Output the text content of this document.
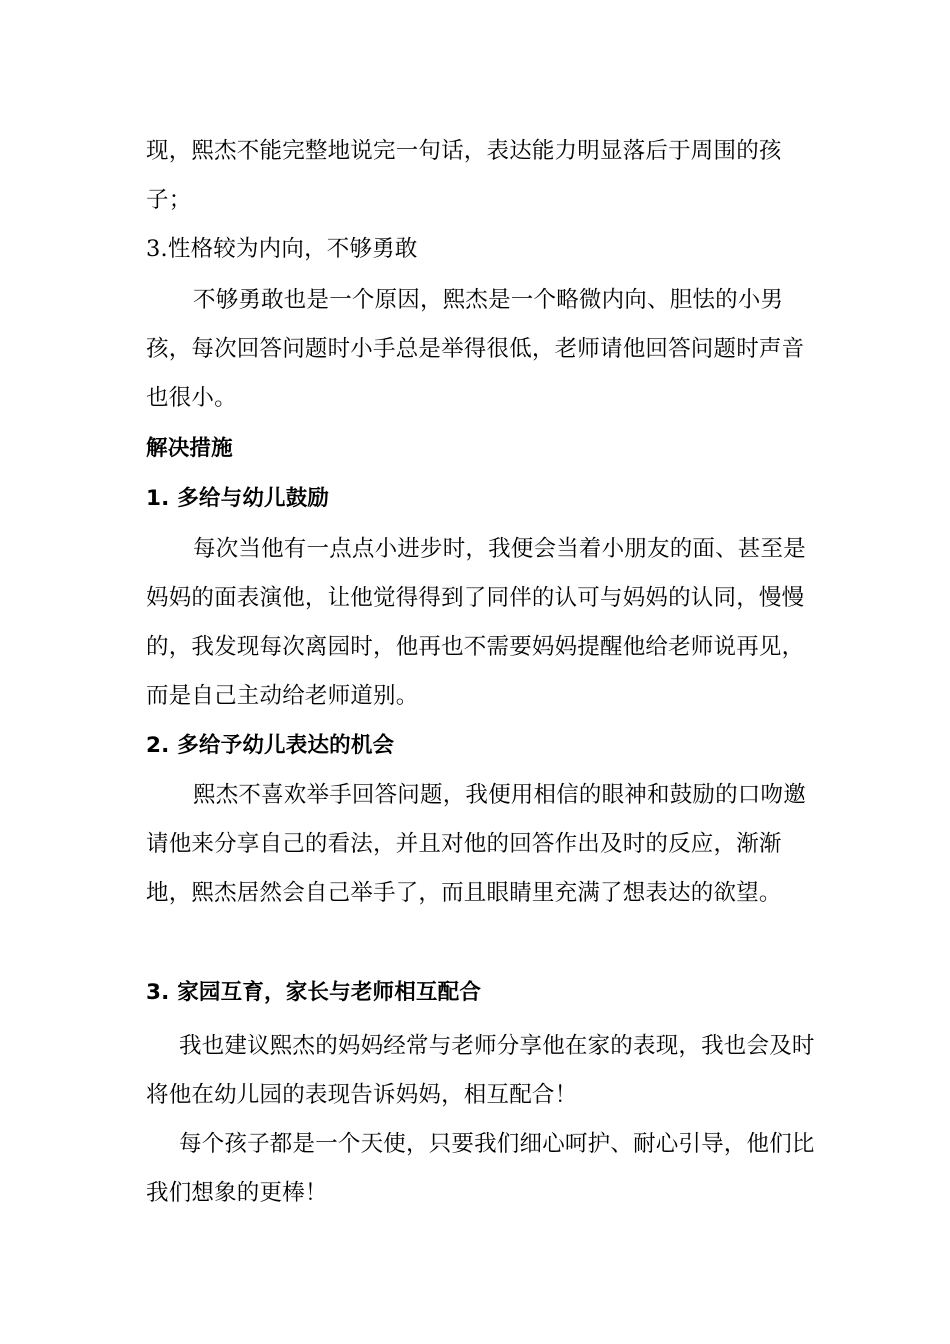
现，熙杰不能完整地说完一句话，表达能力明显落后于周围的孩子；

3.性格较为内向，不够勇敢

不够勇敢也是一个原因，熙杰是一个略微内向、胆怯的小男孩，每次回答问题时小手总是举得很低，老师请他回答问题时声音也很小。

解决措施

1. 多给与幼儿鼓励

每次当他有一点点小进步时，我便会当着小朋友的面、甚至是妈妈的面表演他，让他觉得得到了同伴的认可与妈妈的认同，慢慢的，我发现每次离园时，他再也不需要妈妈提醒他给老师说再见，而是自己主动给老师道别。

2. 多给予幼儿表达的机会

熙杰不喜欢举手回答问题，我便用相信的眼神和鼓励的口吻邀请他来分享自己的看法，并且对他的回答作出及时的反应，渐渐地，熙杰居然会自己举手了，而且眼睛里充满了想表达的欲望。

3. 家园互育，家长与老师相互配合

我也建议熙杰的妈妈经常与老师分享他在家的表现，我也会及时将他在幼儿园的表现告诉妈妈，相互配合！

每个孩子都是一个天使，只要我们细心呵护、耐心引导，他们比我们想象的更棒！
